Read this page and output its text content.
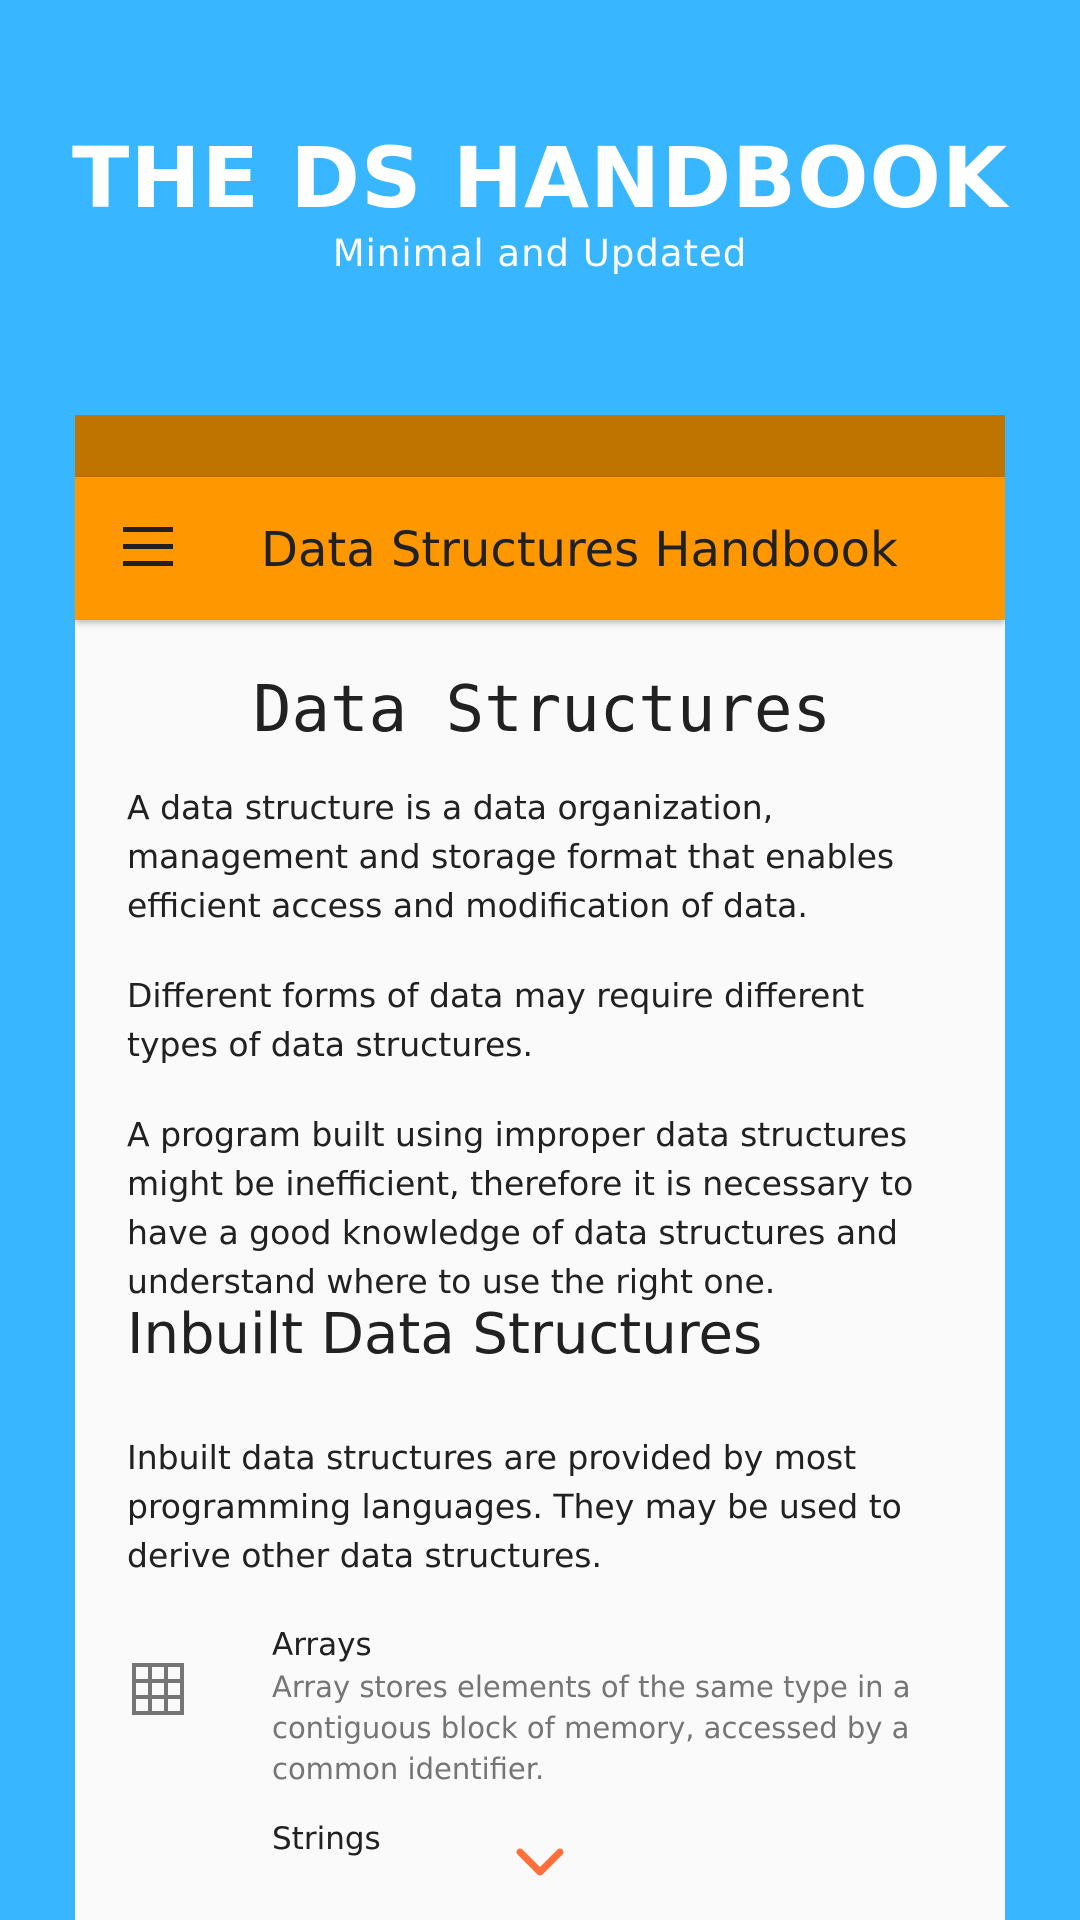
THE DS HANDBOOK
Minimal and Updated
Data Structures Handbook
Data Structures

A data structure is a data organization, management and storage format that enables efficient access and modification of data.

Different forms of data may require different types of data structures.

A program built using improper data structures might be inefficient, therefore it is necessary to have a good knowledge of data structures and understand where to use the right one.

Inbuilt Data Structures

Inbuilt data structures are provided by most programming languages. They may be used to derive other data structures.

Arrays
Array stores elements of the same type in a contiguous block of memory, accessed by a common identifier.
Strings
